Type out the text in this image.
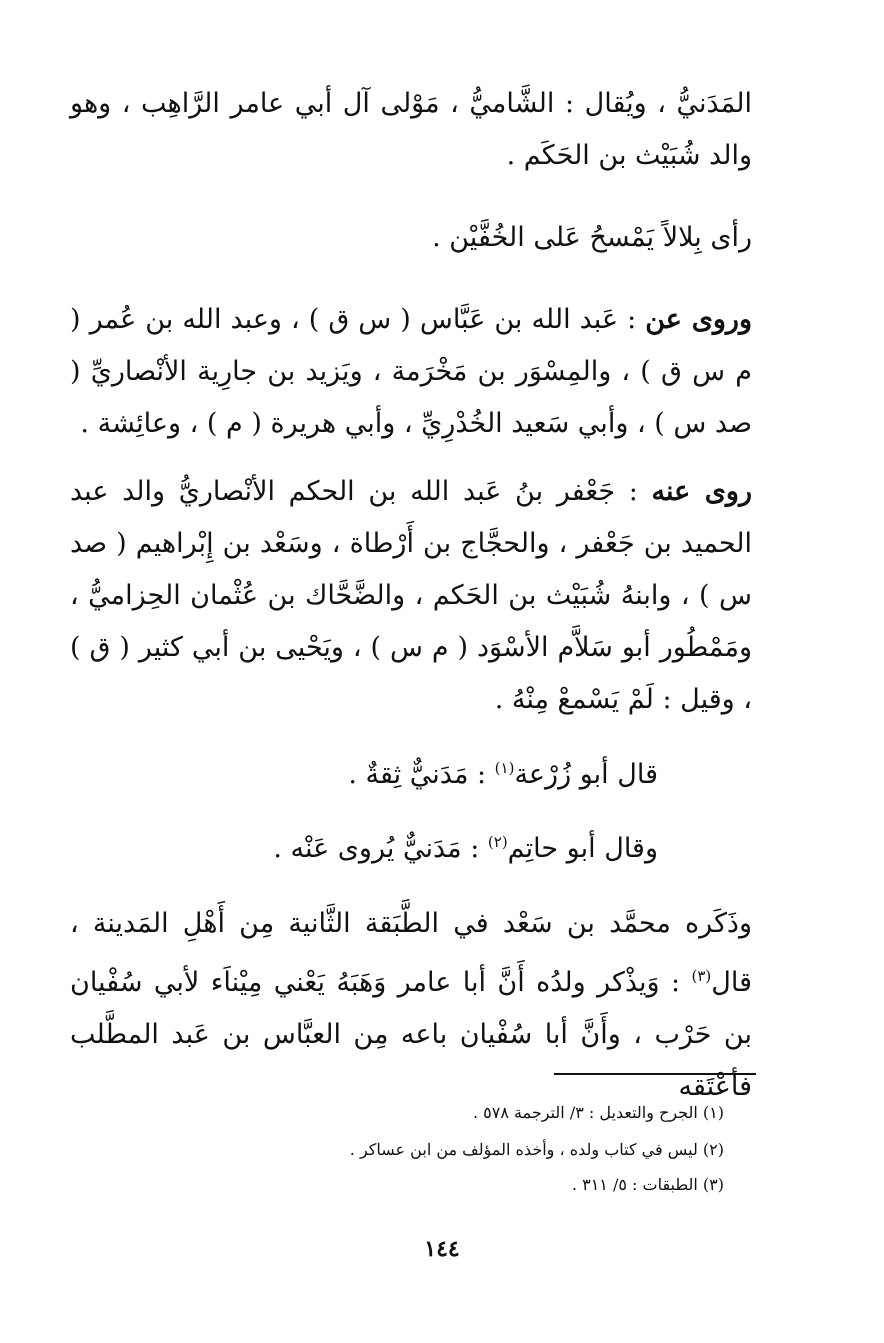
المَدَنيُّ ، ويُقال : الشَّاميُّ ، مَوْلى آل أبي عامر الرَّاهِب ، وهو والد شُبَيْث بن الحَكَم .
رأى بِلالاً يَمْسحُ عَلى الخُفَّيْن .
وروى عن : عَبد الله بن عَبَّاس ( س ق ) ، وعبد الله بن عُمر ( م س ق ) ، والمِسْوَر بن مَخْرَمة ، ويَزيد بن جارِية الأنْصاريِّ ( صد س ) ، وأبي سَعيد الخُدْرِيِّ ، وأبي هريرة ( م ) ، وعائِشة .
روى عنه : جَعْفر بنُ عَبد الله بن الحكم الأنْصاريُّ والد عبد الحميد بن جَعْفر ، والحجَّاج بن أَرْطاة ، وسَعْد بن إِبْراهيم ( صد س ) ، وابنهُ شُبَيْث بن الحَكم ، والضَّحَّاك بن عُثْمان الحِزاميُّ ، ومَمْطُور أبو سَلاَّم الأسْوَد ( م س ) ، ويَحْيى بن أبي كثير ( ق ) ، وقيل : لَمْ يَسْمعْ مِنْهُ .
قال أبو زُرْعة$^{(١)}$ : مَدَنيٌّ ثِقةٌ .
وقال أبو حاتِم$^{(٢)}$ : مَدَنيٌّ يُروى عَنْه .
وذَكَره محمَّد بن سَعْد في الطَّبَقة الثَّانية مِن أَهْلِ المَدينة ، قال$^{(٣)}$ : وَيذْكر ولدُه أَنَّ أبا عامر وَهَبَهُ يَعْني مِيْناَء لأبي سُفْيان بن حَرْب ، وأَنَّ أبا سُفْيان باعه مِن العبَّاس بن عَبد المطَّلب فأعْتَقه
(١) الجرح والتعديل : ٣/ الترجمة ٥٧٨ .
(٢) ليس في كتاب ولده ، وأخذه المؤلف من ابن عساكر .
(٣) الطبقات : ٥/ ٣١١ .
١٤٤
